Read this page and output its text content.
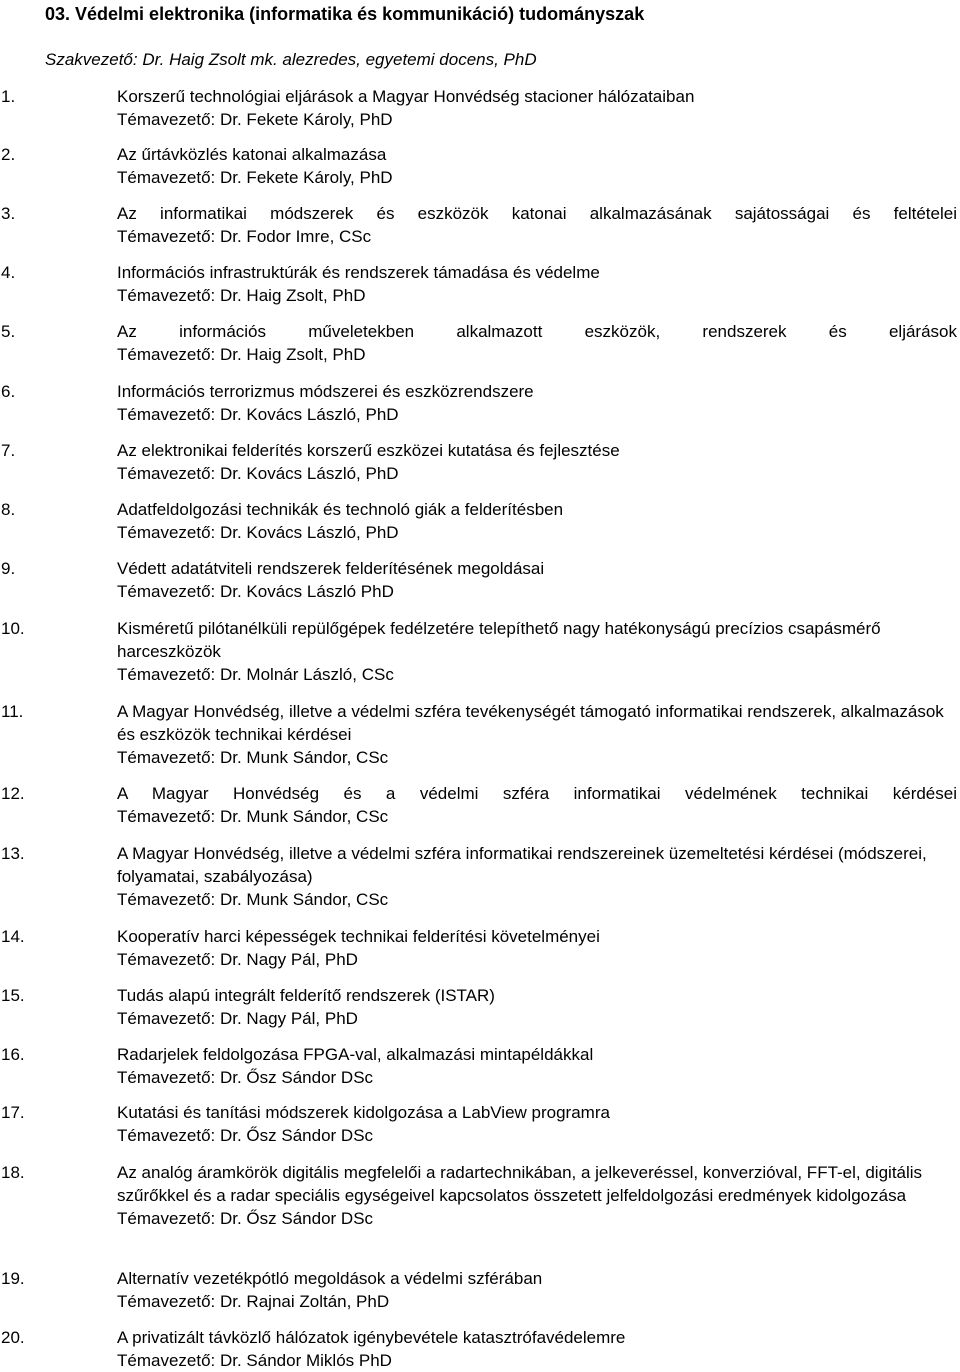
03. Védelmi elektronika (informatika és kommunikáció) tudományszak
Szakvezető: Dr. Haig Zsolt mk. alezredes, egyetemi docens, PhD
1.	Korszerű technológiai eljárások a Magyar Honvédség stacioner hálózataiban
Témavezető: Dr. Fekete Károly, PhD
2.	Az űrtávközlés katonai alkalmazása
Témavezető: Dr. Fekete Károly, PhD
3.	Az informatikai módszerek és eszközök katonai alkalmazásának sajátosságai és feltételei
Témavezető: Dr. Fodor Imre, CSc
4.	Információs infrastruktúrák és rendszerek támadása és védelme
Témavezető: Dr. Haig Zsolt, PhD
5.	Az információs műveletekben alkalmazott eszközök, rendszerek és eljárások
Témavezető: Dr. Haig Zsolt, PhD
6.	Információs terrorizmus módszerei és eszközrendszere
Témavezető: Dr. Kovács László, PhD
7.	Az elektronikai felderítés korszerű eszközei kutatása és fejlesztése
Témavezető: Dr. Kovács László, PhD
8.	Adatfeldolgozási technikák és technoló giák a felderítésben
Témavezető: Dr. Kovács László, PhD
9.	Védett adatátviteli rendszerek felderítésének megoldásai
Témavezető: Dr. Kovács László PhD
10.	Kisméretű pilótanélküli repülőgépek fedélzetére telepíthető nagy hatékonyságú precízios csapásmérő harceszközök
Témavezető: Dr. Molnár László, CSc
11.	A Magyar Honvédség, illetve a védelmi szféra tevékenységét támogató informatikai rendszerek, alkalmazások és eszközök technikai kérdései
Témavezető: Dr. Munk Sándor, CSc
12.	A Magyar Honvédség és a védelmi szféra informatikai védelmének technikai kérdései
Témavezető: Dr. Munk Sándor, CSc
13.	A Magyar Honvédség, illetve a védelmi szféra informatikai rendszereinek üzemeltetési kérdései (módszerei, folyamatai, szabályozása)
Témavezető: Dr. Munk Sándor, CSc
14.	Kooperatív harci képességek technikai felderítési követelményei
Témavezető: Dr. Nagy Pál, PhD
15.	Tudás alapú integrált felderítő rendszerek (ISTAR)
Témavezető: Dr. Nagy Pál, PhD
16.	Radarjelek feldolgozása FPGA-val, alkalmazási mintapéldákkal
Témavezető: Dr. Ősz Sándor DSc
17.	Kutatási és tanítási módszerek kidolgozása a LabView programra
Témavezető: Dr. Ősz Sándor DSc
18.	Az analóg áramkörök digitális megfelelői a radartechnikában, a jelkeveréssel, konverzióval, FFT-el, digitális szűrőkkel és a radar speciális egységeivel kapcsolatos összetett jelfeldolgozási eredmények kidolgozása
Témavezető: Dr. Ősz Sándor DSc
19.	Alternatív vezetékpótló megoldások a védelmi szférában
Témavezető: Dr. Rajnai Zoltán, PhD
20.	A privatizált távközlő hálózatok igénybevétele katasztrófavédelemre
Témavezető: Dr. Sándor Miklós PhD
